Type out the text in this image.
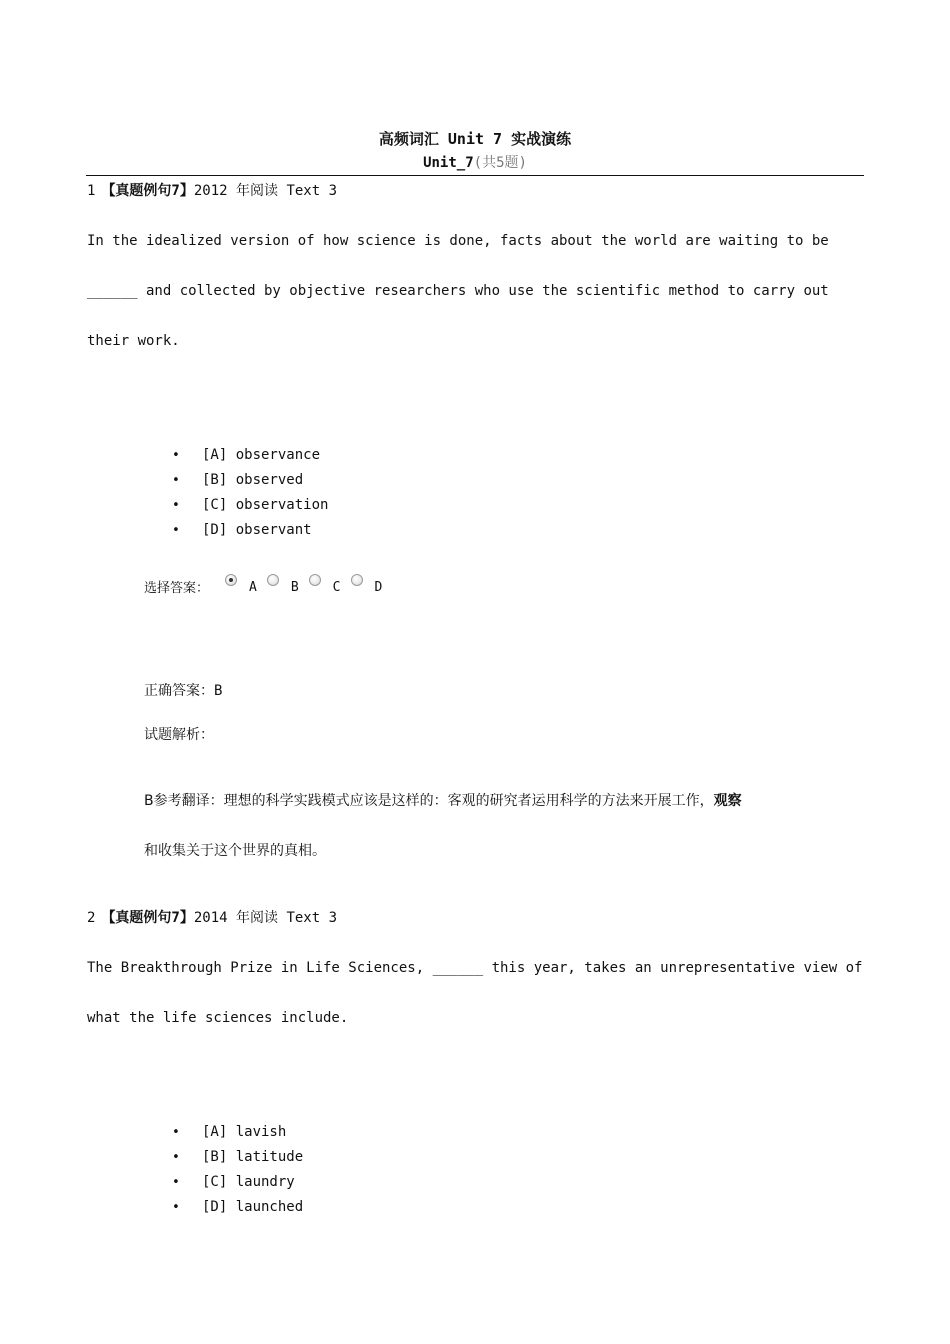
高频词汇 Unit 7 实战演练
Unit_7(共5题)
1 【真题例句7】2012 年阅读 Text 3
In the idealized version of how science is done, facts about the world are waiting to be
______ and collected by objective researchers who use the scientific method to carry out
their work.
• [A] observance
• [B] observed
• [C] observation
• [D] observant
选择答案：	A	B	C	D
正确答案：B
试题解析：
B参考翻译：理想的科学实践模式应该是这样的：客观的研究者运用科学的方法来开展工作，观察
和收集关于这个世界的真相。
2 【真题例句7】2014 年阅读 Text 3
The Breakthrough Prize in Life Sciences, ______ this year, takes an unrepresentative view of
what the life sciences include.
• [A] lavish
• [B] latitude
• [C] laundry
• [D] launched
